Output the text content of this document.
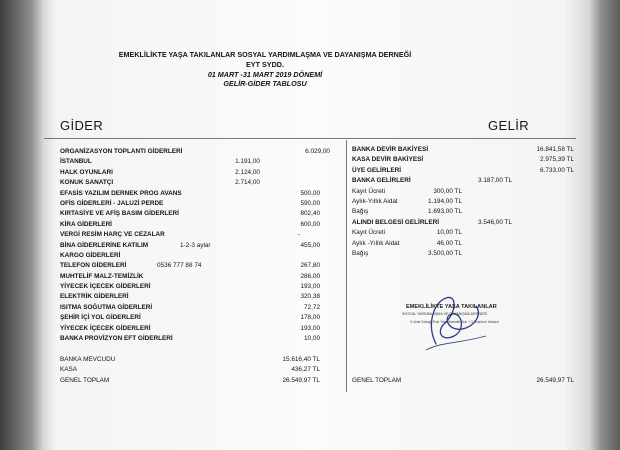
EMEKLİLİKTE YAŞA TAKILANLAR SOSYAL YARDIMLAŞMA VE DAYANIŞMA DERNEĞİ
EYT SYDD.
01 MART -31 MART 2019 DÖNEMİ
GELİR-GİDER TABLOSU
GİDER	GELİR
ORGANİZASYON TOPLANTI GİDERLERİ	6.029,00
İSTANBUL	1.191,00
HALK OYUNLARI	2.124,00
KONUK SANATÇI	2.714,00
EFASİS YAZILIM DERNEK PROG AVANS	500,00
OFİS GİDERLERİ - JALUZİ PERDE	590,00
KIRTASİYE VE AFİŞ BASIM GİDERLERİ	802,40
KİRA GİDERLERİ	600,00
VERGİ RESİM HARÇ VE CEZALAR	-
BİNA GİDERLERİNE KATILIM	1-2-3 aylar	455,00
KARGO GİDERLERİ
TELEFON GİDERLERİ	0536 777 88 74	267,80
MUHTELİF MALZ-TEMİZLİK	286,00
YİYECEK İÇECEK GİDERLERİ	193,00
ELEKTRİK GİDERLERİ	320,38
ISITMA SOĞUTMA GİDERLERİ	72,72
ŞEHİR İÇİ YOL GİDERLERİ	178,00
YİYECEK İÇECEK GİDERLERİ	193,00
BANKA PROVİZYON EFT GİDERLERİ	10,00
BANKA MEVCUDU	15.616,40 TL
KASA	436,27 TL
GENEL TOPLAM	26.549,97 TL
BANKA DEVİR BAKİYESİ	16.841,58 TL
KASA DEVİR BAKİYESİ	2.975,39 TL
ÜYE GELİRLERİ	6.733,00 TL
BANKA GELİRLERİ	3.187,00 TL
Kayıt Ücreti	300,00 TL
Aylık-Yıllık Aidat	1.194,00 TL
Bağış	1.693,00 TL
ALINDI BELGESİ GELİRLERİ	3.546,00 TL
Kayıt Ücreti	10,00 TL
Aylık -Yıllık Aidat	46,00 TL
Bağış	3.500,00 TL
GENEL TOPLAM	26.549,97 TL
EMEKLİLİKTE YAŞA TAKILANLAR
SOSYAL YARDIMLAŞMA VE DAYANIŞMA DERNEĞİ
H.Ahat Sokağı Eski Yitaz Mahalle Sok. / 3 Keçiören Ankara
